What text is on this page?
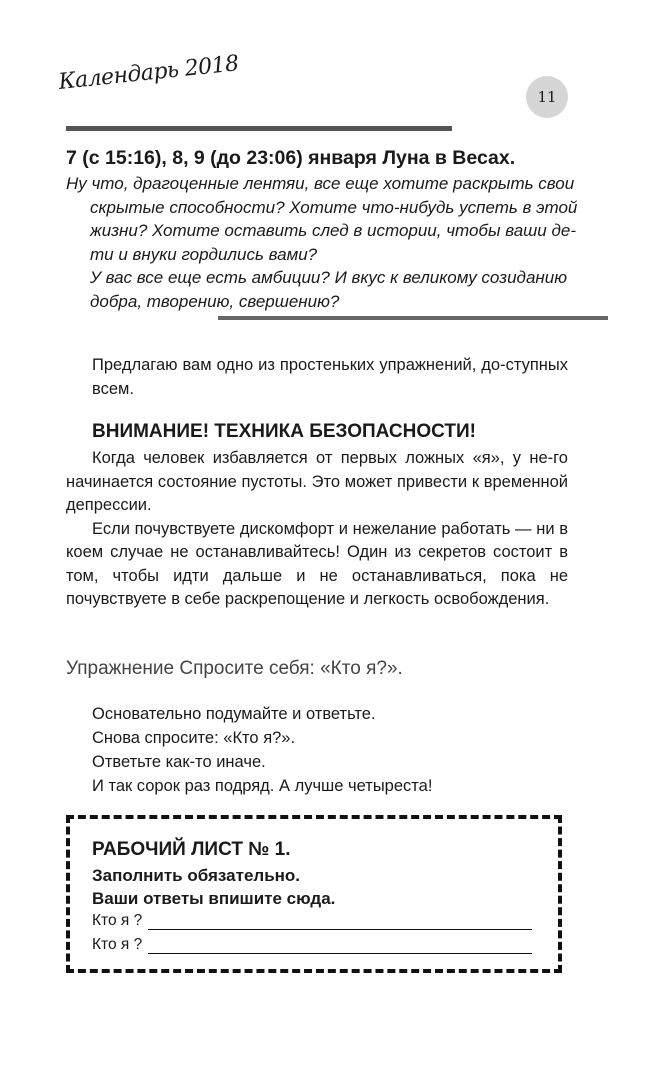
Календарь 2018
11
7 (с 15:16), 8, 9 (до 23:06) января Луна в Весах.

Ну что, драгоценные лентяи, все еще хотите раскрыть свои

скрытые способности? Хотите что-нибудь успеть в этой

жизни? Хотите оставить след в истории, чтобы ваши де-

ти и внуки гордились вами?

У вас все еще есть амбиции? И вкус к великому созиданию

добра, творению, свершению?

Предлагаю вам одно из простеньких упражнений, до-ступных всем.
ВНИМАНИЕ! ТЕХНИКА БЕЗОПАСНОСТИ!

Когда человек избавляется от первых ложных «я», у не-го начинается состояние пустоты. Это может привести к временной депрессии.

Если почувствуете дискомфорт и нежелание работать — ни в коем случае не останавливайтесь! Один из секретов состоит в том, чтобы идти дальше и не останавливаться, пока не почувствуете в себе раскрепощение и легкость освобождения.

Упражнение Спросите себя: «Кто я?».
Основательно подумайте и ответьте.
Снова спросите: «Кто я?».
Ответьте как-то иначе.
И так сорок раз подряд. А лучше четыреста!
РАБОЧИЙ ЛИСТ № 1.
Заполнить обязательно.
Ваши ответы впишите сюда.
Кто я ?
Кто я ?
